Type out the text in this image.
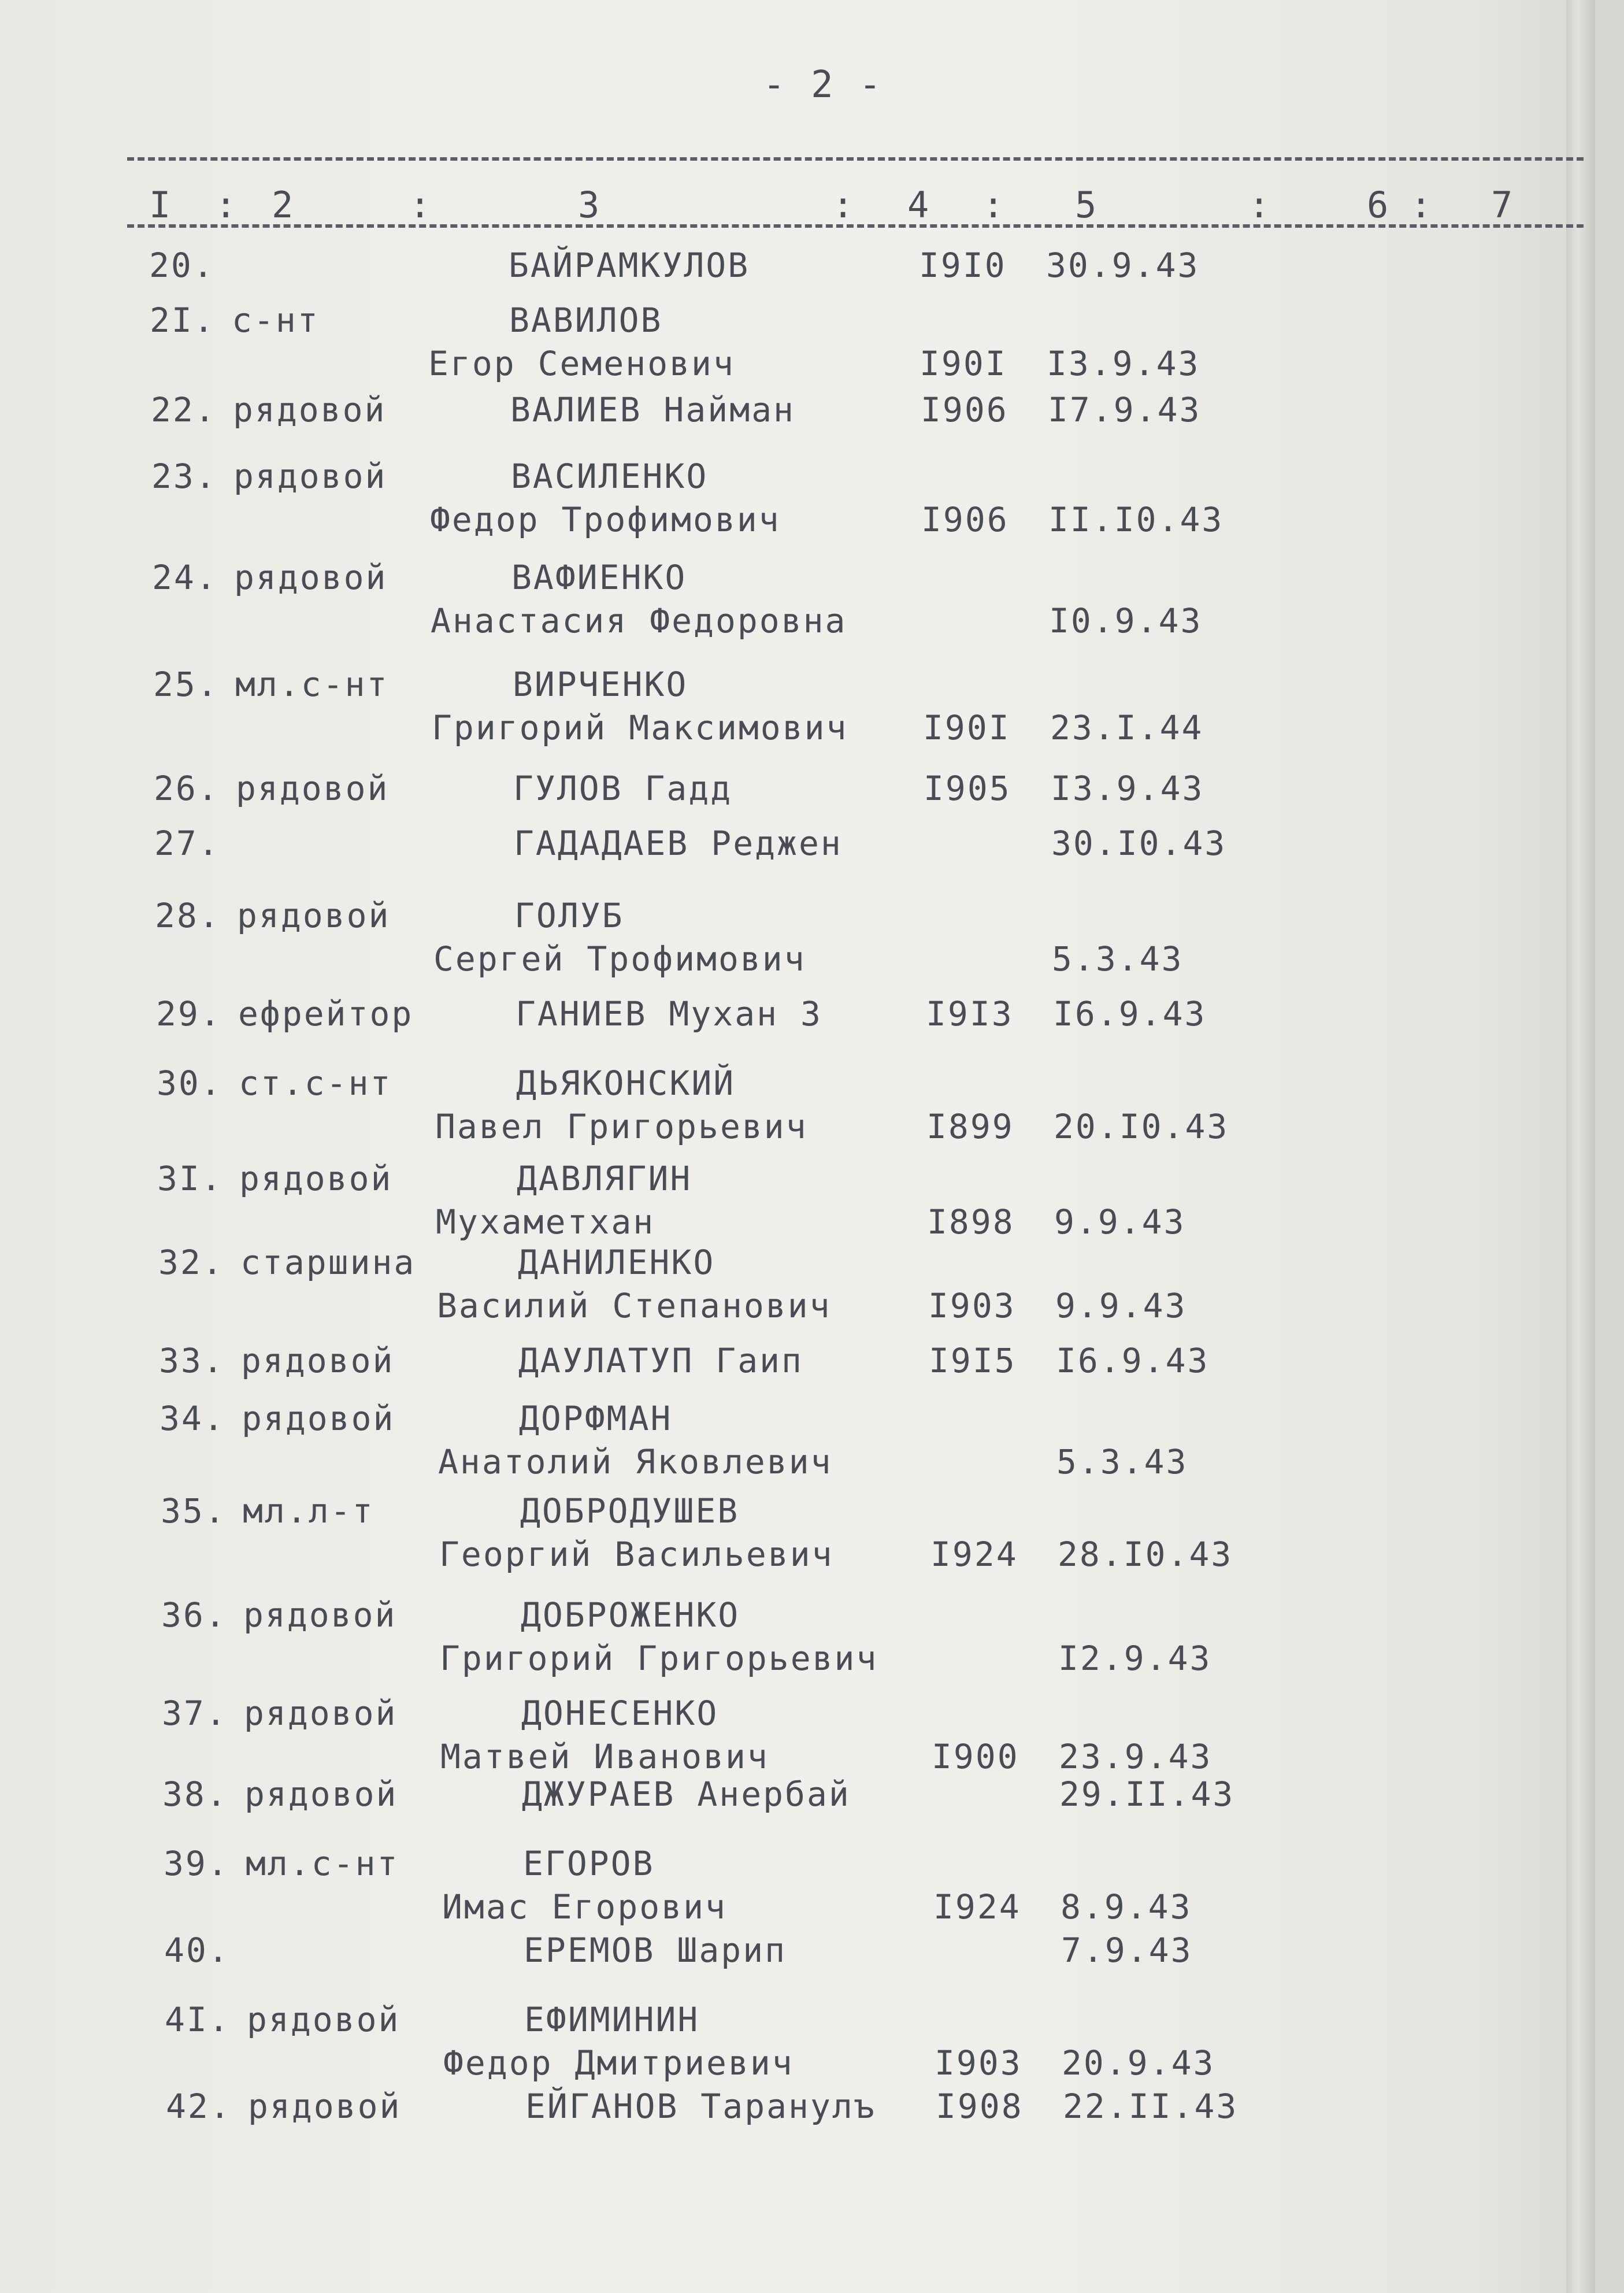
- 2 -
I : 2	:	3	: 4 : 5	:	6 : 7
20.	БАЙРАМКУЛОВ	I9I0 30.9.43
2I. с-нт	ВАВИЛОВ
Егор Семенович	I90I I3.9.43
22. рядовой	ВАЛИЕВ Найман	I906 I7.9.43
23. рядовой	ВАСИЛЕНКО
Федор Трофимович	I906 II.I0.43
24. рядовой	ВАФИЕНКО
Анастасия Федоровна	I0.9.43
25. мл.с-нт	ВИРЧЕНКО
Григорий Максимович I90I 23.I.44
26. рядовой	ГУЛОВ Гадд	I905 I3.9.43
27.	ГАДАДАЕВ Реджен	30.I0.43
28. рядовой	ГОЛУБ
Сергей Трофимович	5.3.43
29. ефрейтор	ГАНИЕВ Мухан З	I9I3 I6.9.43
30. ст.с-нт	ДЬЯКОНСКИЙ
Павел Григорьевич	I899 20.I0.43
3I. рядовой	ДАВЛЯГИН
Мухаметхан	I898 9.9.43
32. старшина	ДАНИЛЕНКО
Василий Степанович	I903 9.9.43
33. рядовой	ДАУЛАТУП Гаип	I9I5 I6.9.43
34. рядовой	ДОРФМАН
Анатолий Яковлевич	5.3.43
35. мл.л-т	ДОБРОДУШЕВ
Георгий Васильевич	I924 28.I0.43
36. рядовой	ДОБРОЖЕНКО
Григорий Григорьевич	I2.9.43
37. рядовой	ДОНЕСЕНКО
Матвей Иванович	I900 23.9.43
38. рядовой	ДЖУРАЕВ Анербай	29.II.43
39. мл.с-нт	ЕГОРОВ
Имас Егорович	I924 8.9.43
40.	ЕРЕМОВ Шарип	7.9.43
4I. рядовой	ЕФИМИНИН
Федор Дмитриевич	I903 20.9.43
42. рядовой	ЕЙГАНОВ Таранулъ I908 22.II.43
